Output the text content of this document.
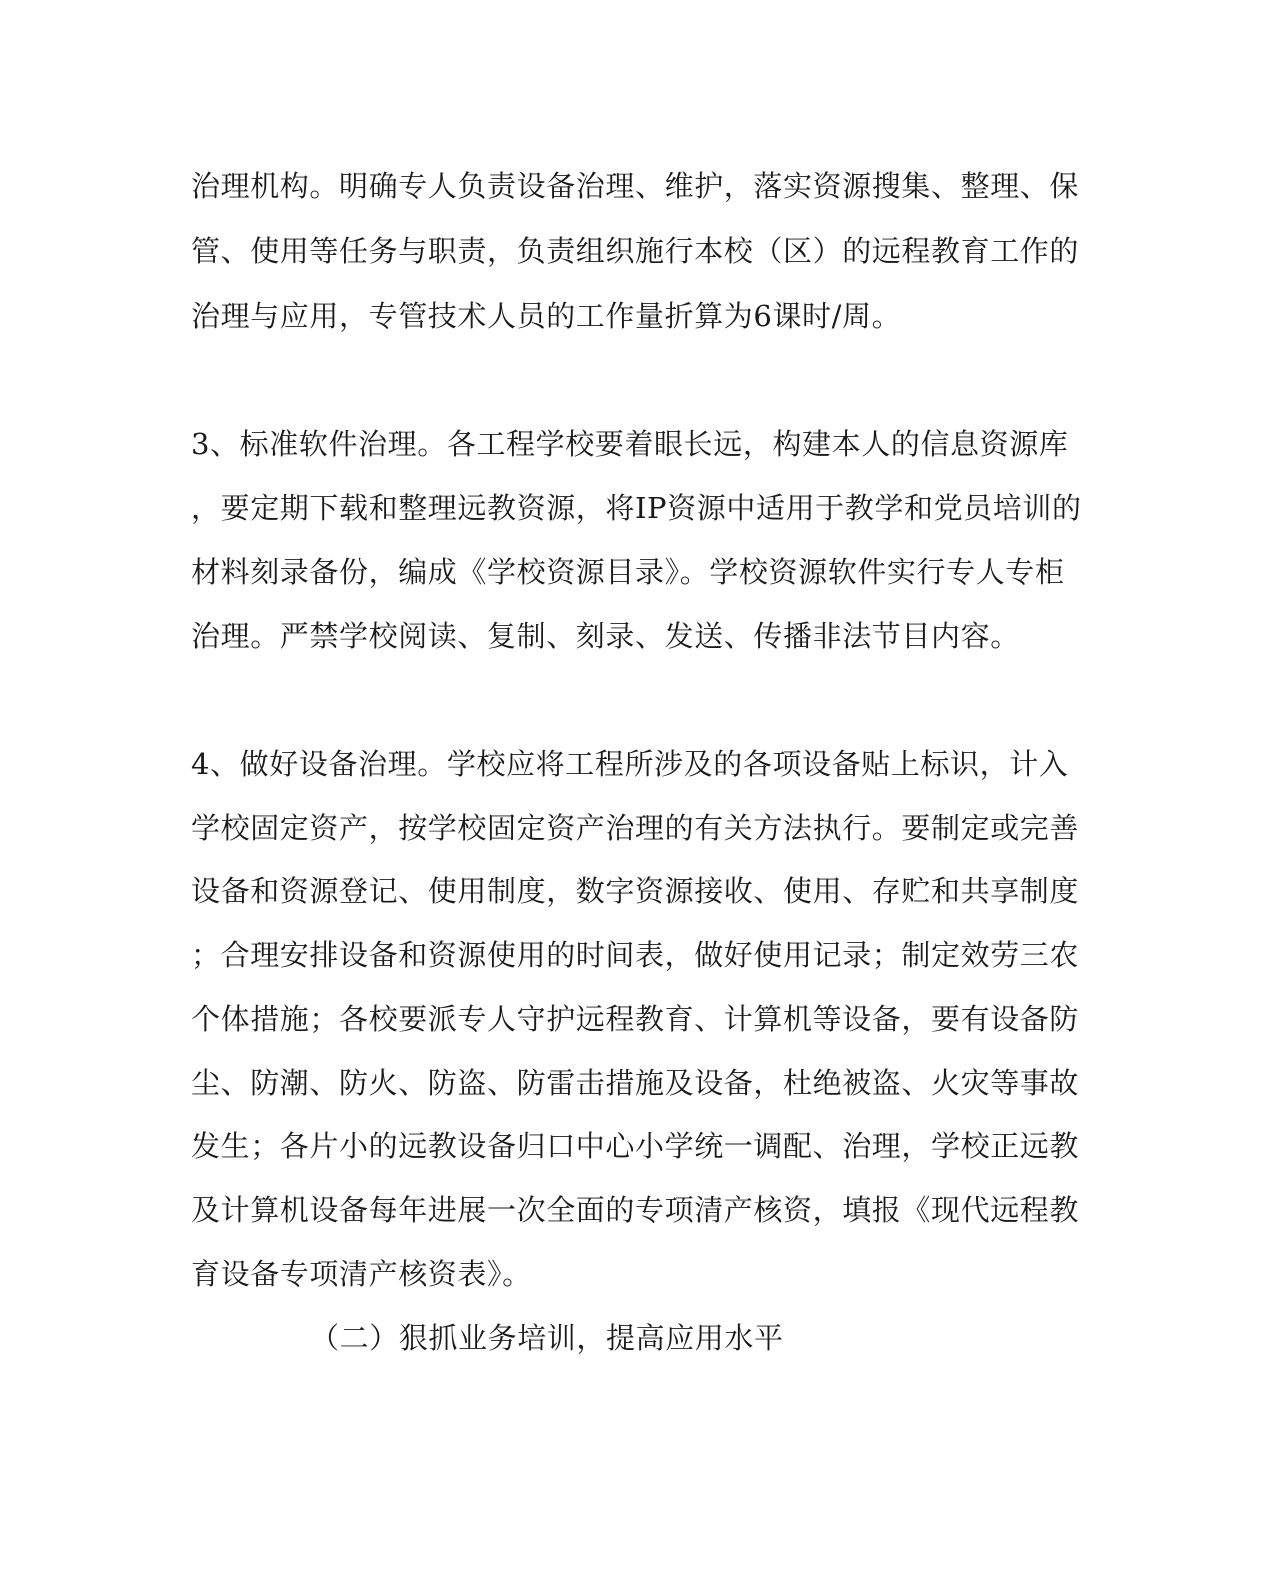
治理机构。明确专人负责设备治理、维护，落实资源搜集、整理、保
管、使用等任务与职责，负责组织施行本校（区）的远程教育工作的
治理与应用，专管技术人员的工作量折算为6课时/周。
3、标准软件治理。各工程学校要着眼长远，构建本人的信息资源库
，要定期下载和整理远教资源，将IP资源中适用于教学和党员培训的
材料刻录备份，编成《学校资源目录》。学校资源软件实行专人专柜
治理。严禁学校阅读、复制、刻录、发送、传播非法节目内容。
4、做好设备治理。学校应将工程所涉及的各项设备贴上标识，计入
学校固定资产，按学校固定资产治理的有关方法执行。要制定或完善
设备和资源登记、使用制度，数字资源接收、使用、存贮和共享制度
；合理安排设备和资源使用的时间表，做好使用记录；制定效劳三农
个体措施；各校要派专人守护远程教育、计算机等设备，要有设备防
尘、防潮、防火、防盗、防雷击措施及设备，杜绝被盗、火灾等事故
发生；各片小的远教设备归口中心小学统一调配、治理，学校正远教
及计算机设备每年进展一次全面的专项清产核资，填报《现代远程教
育设备专项清产核资表》。
（二）狠抓业务培训，提高应用水平
